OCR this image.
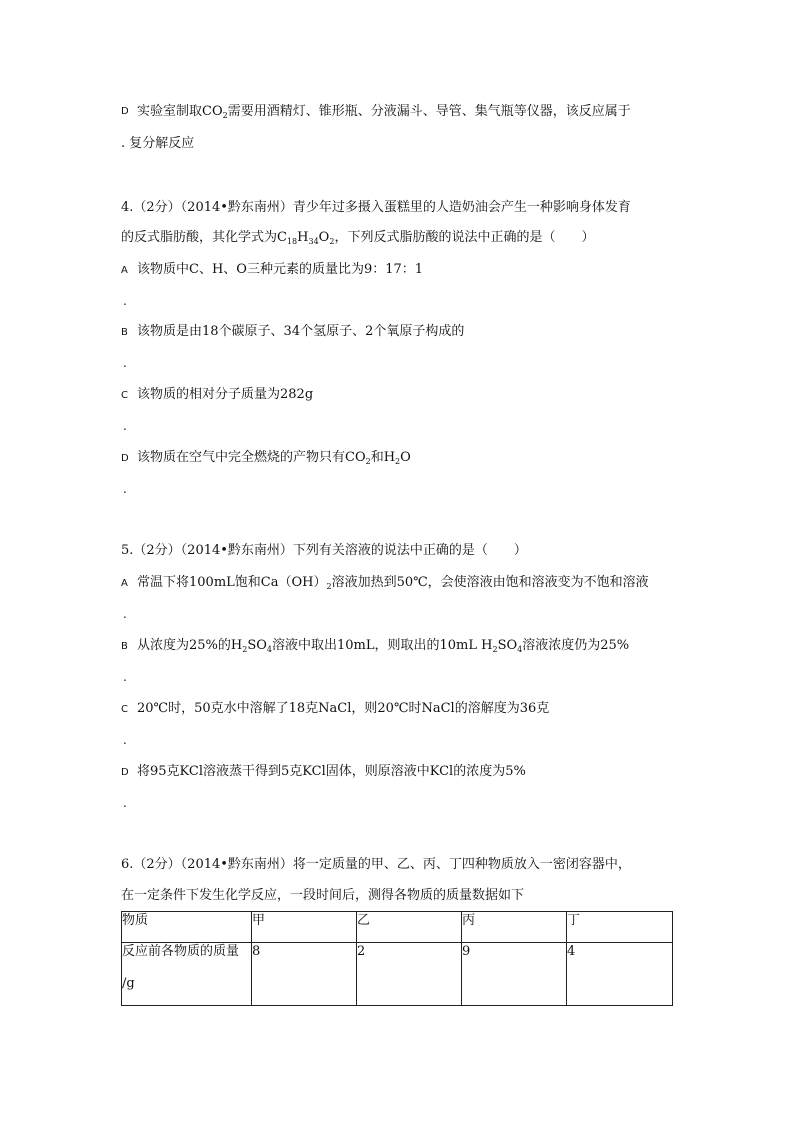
D 实验室制取$CO_2$需要用酒精灯、锥形瓶、分液漏斗、导管、集气瓶等仪器，该反应属于
. 复分解反应
4.（2分）（2014•黔东南州）青少年过多摄入蛋糕里的人造奶油会产生一种影响身体发育
的反式脂肪酸，其化学式为$C_{18}H_{34}O_2$，下列反式脂肪酸的说法中正确的是（　　）
A 该物质中C、H、O三种元素的质量比为9：17：1
.
B 该物质是由18个碳原子、34个氢原子、2个氧原子构成的
.
C 该物质的相对分子质量为282g
.
D 该物质在空气中完全燃烧的产物只有$CO_2$和$H_2O$
.
5.（2分）（2014•黔东南州）下列有关溶液的说法中正确的是（　　）
A 常温下将100mL饱和$Ca(OH)_2$溶液加热到50℃，会使溶液由饱和溶液变为不饱和溶液
.
B 从浓度为25%的$H_2SO_4$溶液中取出10mL，则取出的10mL $H_2SO_4$溶液浓度仍为25%
.
C 20℃时，50克水中溶解了18克NaCl，则20℃时NaCl的溶解度为36克
.
D 将95克KCl溶液蒸干得到5克KCl固体，则原溶液中KCl的浓度为5%
.
6.（2分）（2014•黔东南州）将一定质量的甲、乙、丙、丁四种物质放入一密闭容器中，
在一定条件下发生化学反应，一段时间后，测得各物质的质量数据如下
物质	甲	乙	丙	丁
反应前各物质的质量
/g	8	2	9	4
